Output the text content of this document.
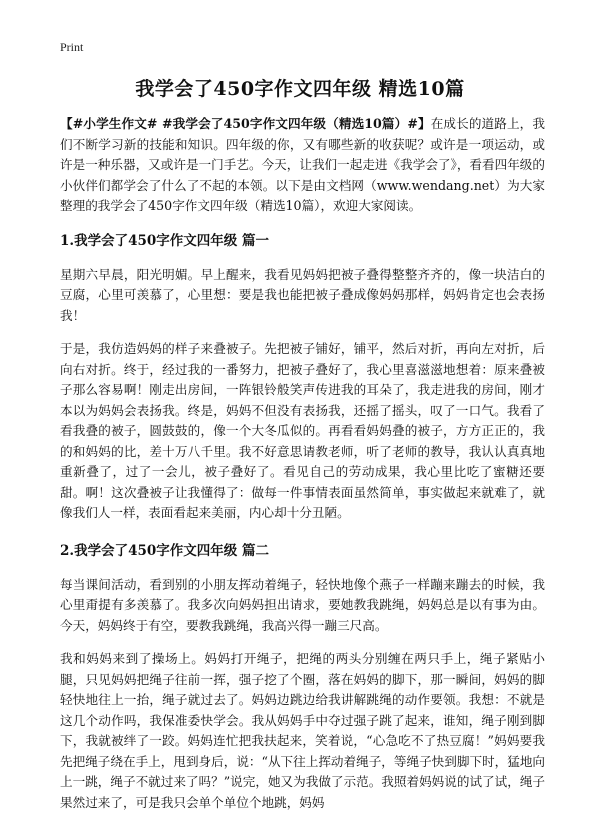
Print
我学会了450字作文四年级 精选10篇

【#小学生作文# #我学会了450字作文四年级（精选10篇）#】在成长的道路上，我们不断学习新的技能和知识。四年级的你，又有哪些新的收获呢？或许是一项运动，或许是一种乐器，又或许是一门手艺。今天，让我们一起走进《我学会了》，看看四年级的小伙伴们都学会了什么了不起的本领。以下是由文档网（www.wendang.net）为大家整理的我学会了450字作文四年级（精选10篇），欢迎大家阅读。

1.我学会了450字作文四年级 篇一

星期六早晨，阳光明媚。早上醒来，我看见妈妈把被子叠得整整齐齐的，像一块洁白的豆腐，心里可羡慕了，心里想：要是我也能把被子叠成像妈妈那样，妈妈肯定也会表扬我！

于是，我仿造妈妈的样子来叠被子。先把被子铺好，铺平，然后对折，再向左对折，后向右对折。终于，经过我的一番努力，把被子叠好了，我心里喜滋滋地想着：原来叠被子那么容易啊！刚走出房间，一阵银铃般笑声传进我的耳朵了，我走进我的房间，刚才本以为妈妈会表扬我。终是，妈妈不但没有表扬我，还摇了摇头，叹了一口气。我看了看我叠的被子，圆鼓鼓的，像一个大冬瓜似的。再看看妈妈叠的被子，方方正正的，我的和妈妈的比，差十万八千里。我不好意思请教老师，听了老师的教导，我认认真真地重新叠了，过了一会儿，被子叠好了。看见自己的劳动成果，我心里比吃了蜜糖还要甜。啊！这次叠被子让我懂得了：做每一件事情表面虽然简单，事实做起来就难了，就像我们人一样，表面看起来美丽，内心却十分丑陋。

2.我学会了450字作文四年级 篇二

每当课间活动，看到别的小朋友挥动着绳子，轻快地像个燕子一样蹦来蹦去的时候，我心里甭提有多羡慕了。我多次向妈妈担出请求，要她教我跳绳，妈妈总是以有事为由。今天，妈妈终于有空，要教我跳绳，我高兴得一蹦三尺高。

我和妈妈来到了操场上。妈妈打开绳子，把绳的两头分别缠在两只手上，绳子紧贴小腿，只见妈妈把绳子往前一挥，强子挖了个圈，落在妈妈的脚下，那一瞬间，妈妈的脚轻快地往上一抬，绳子就过去了。妈妈边跳边给我讲解跳绳的动作要领。我想：不就是这几个动作吗，我保准委快学会。我从妈妈手中夺过强子跳了起来，谁知，绳子刚到脚下，我就被绊了一跤。妈妈连忙把我扶起来，笑着说，“心急吃不了热豆腐！”妈妈要我先把绳子绕在手上，甩到身后，说：“从下往上挥动着绳子，等绳子快到脚下时，猛地向上一跳，绳子不就过来了吗？”说完，她又为我做了示范。我照着妈妈说的试了试，绳子果然过来了，可是我只会单个单位个地跳，妈妈
